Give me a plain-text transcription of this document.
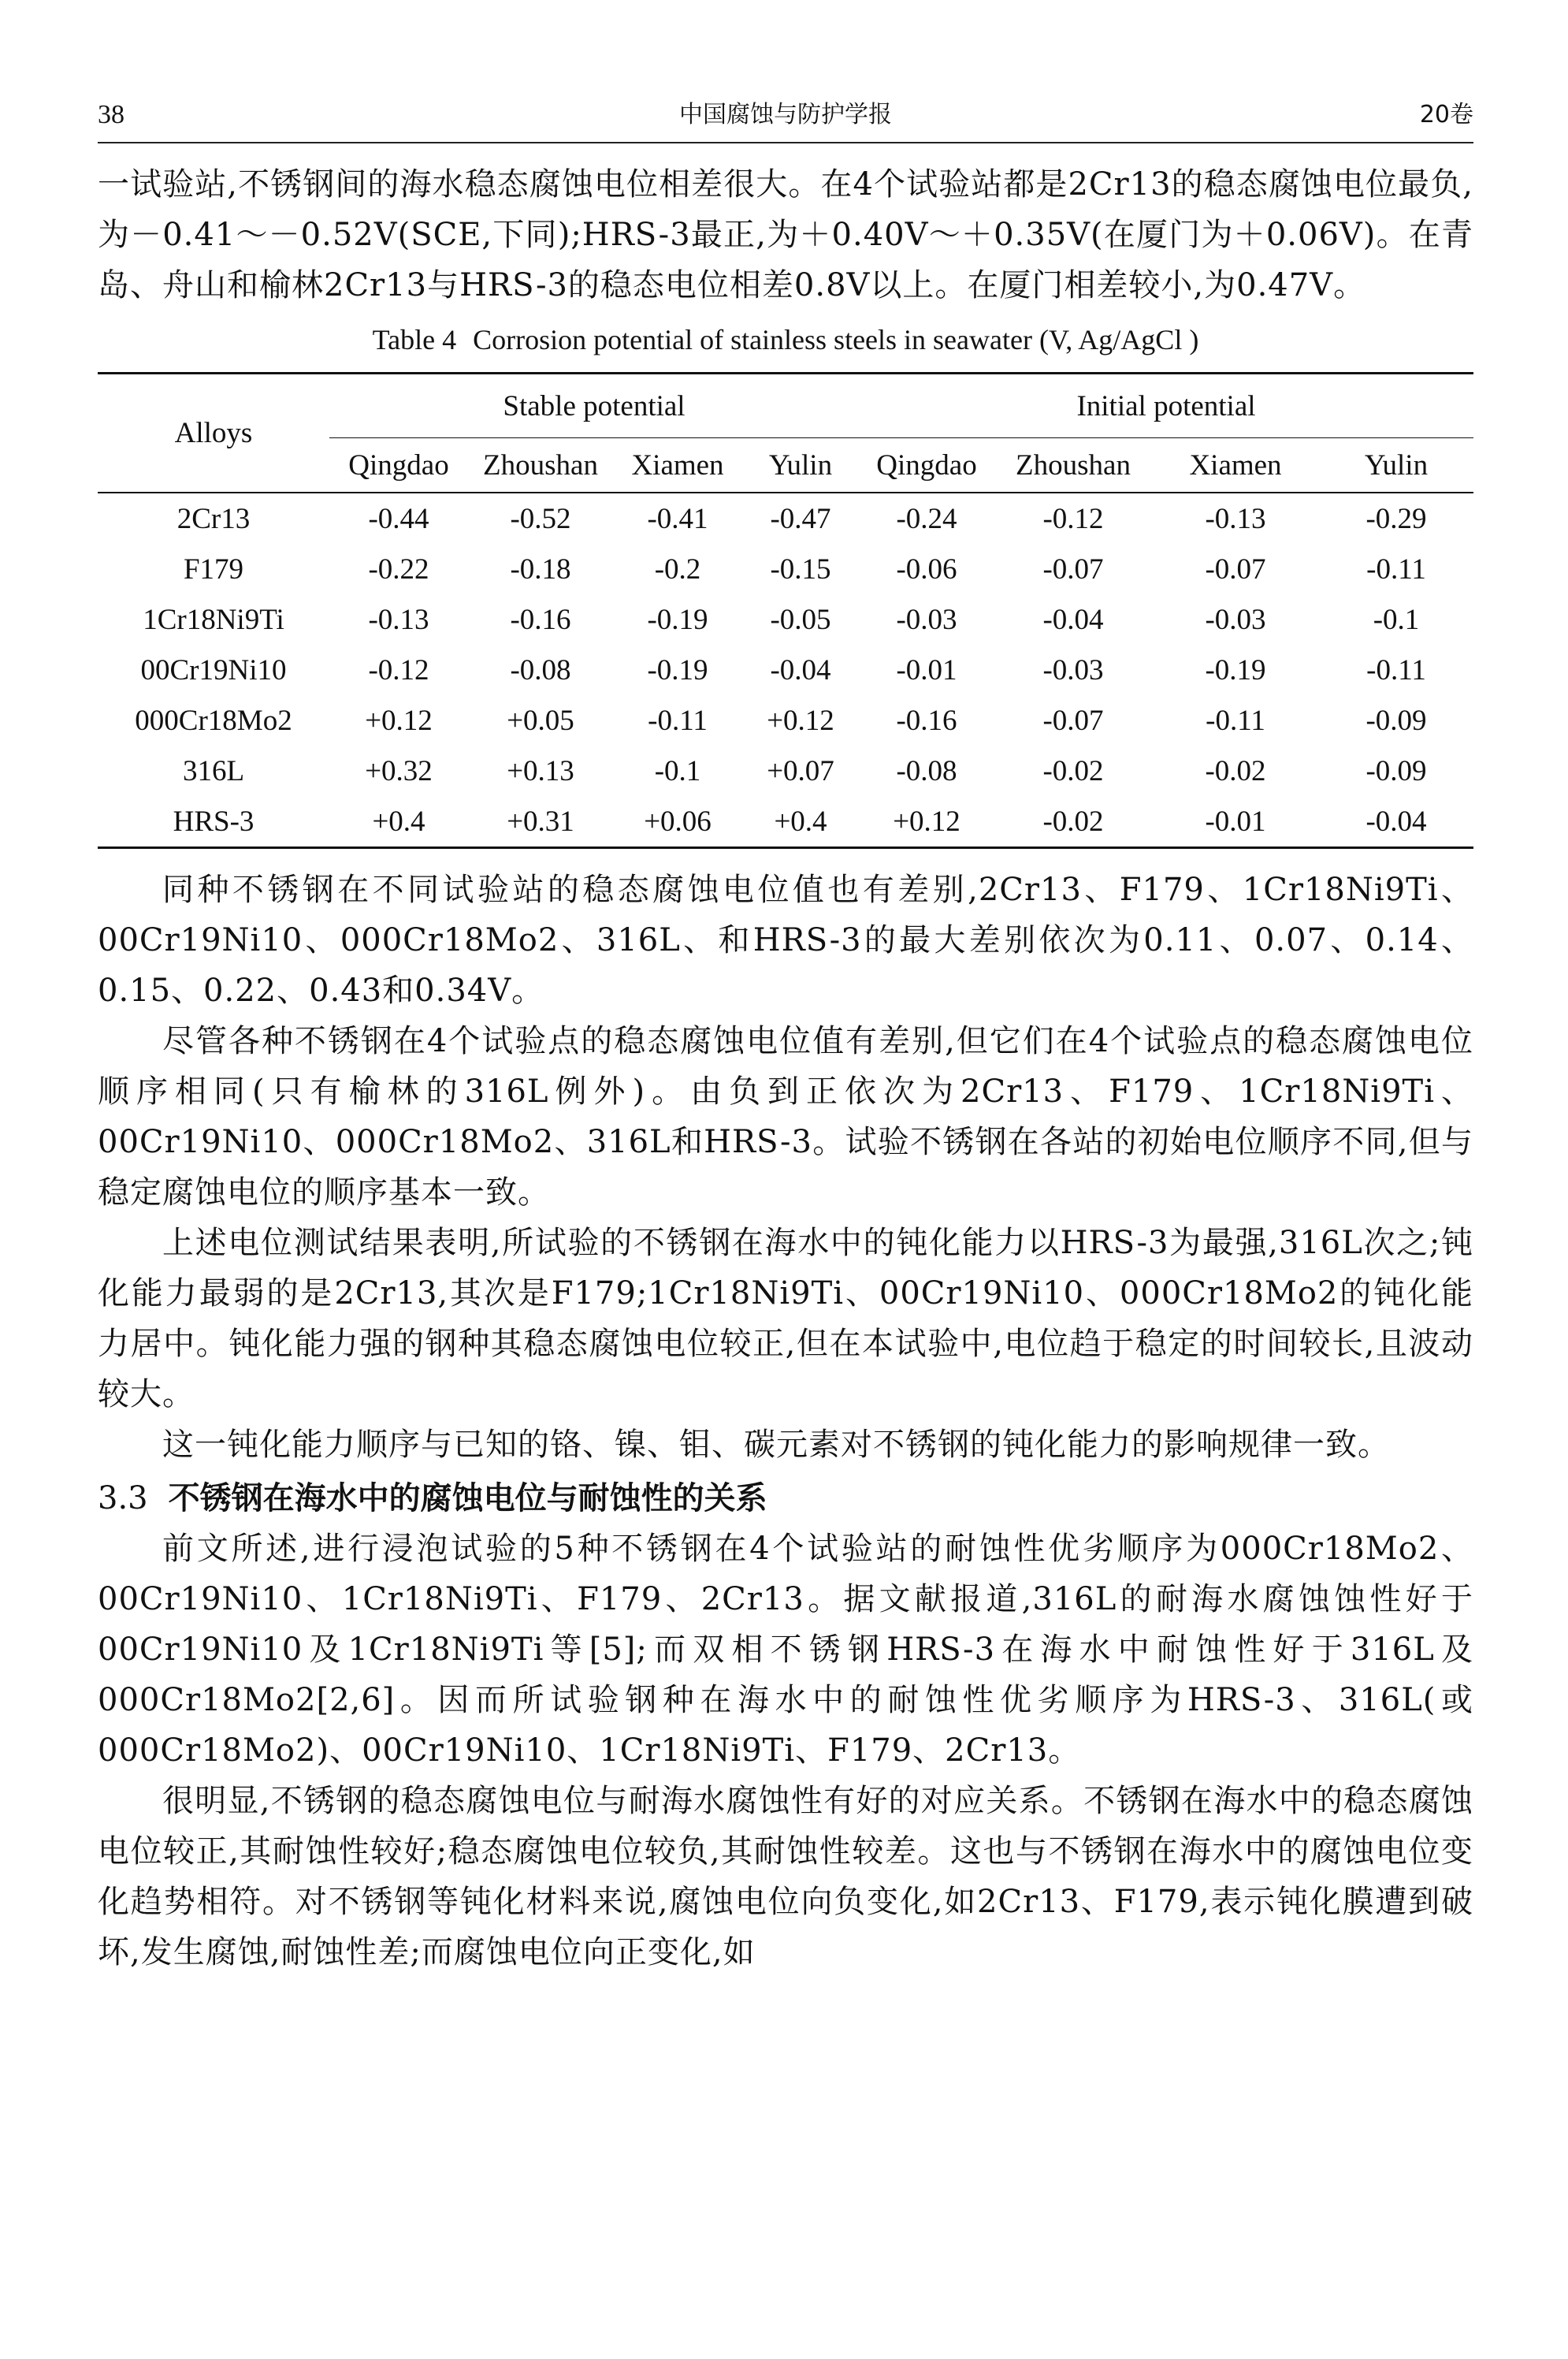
38	中国腐蚀与防护学报	20卷

一试验站,不锈钢间的海水稳态腐蚀电位相差很大。在4个试验站都是2Cr13的稳态腐蚀电位最负,为－0.41～－0.52V(SCE,下同);HRS-3最正,为＋0.40V～＋0.35V(在厦门为＋0.06V)。在青岛、舟山和榆林2Cr13与HRS-3的稳态电位相差0.8V以上。在厦门相差较小,为0.47V。

Table 4 Corrosion potential of stainless steels in seawater (V, Ag/AgCl )
Alloys	Stable potential				Initial potential			
	Qingdao	Zhoushan	Xiamen	Yulin	Qingdao	Zhoushan	Xiamen	Yulin
2Cr13	-0.44	-0.52	-0.41	-0.47	-0.24	-0.12	-0.13	-0.29
F179	-0.22	-0.18	-0.2	-0.15	-0.06	-0.07	-0.07	-0.11
1Cr18Ni9Ti	-0.13	-0.16	-0.19	-0.05	-0.03	-0.04	-0.03	-0.1
00Cr19Ni10	-0.12	-0.08	-0.19	-0.04	-0.01	-0.03	-0.19	-0.11
000Cr18Mo2	+0.12	+0.05	-0.11	+0.12	-0.16	-0.07	-0.11	-0.09
316L	+0.32	+0.13	-0.1	+0.07	-0.08	-0.02	-0.02	-0.09
HRS-3	+0.4	+0.31	+0.06	+0.4	+0.12	-0.02	-0.01	-0.04

同种不锈钢在不同试验站的稳态腐蚀电位值也有差别,2Cr13、F179、1Cr18Ni9Ti、00Cr19Ni10、000Cr18Mo2、316L、和HRS-3的最大差别依次为0.11、0.07、0.14、0.15、0.22、0.43和0.34V。

尽管各种不锈钢在4个试验点的稳态腐蚀电位值有差别,但它们在4个试验点的稳态腐蚀电位顺序相同(只有榆林的316L例外)。由负到正依次为2Cr13、F179、1Cr18Ni9Ti、00Cr19Ni10、000Cr18Mo2、316L和HRS-3。试验不锈钢在各站的初始电位顺序不同,但与稳定腐蚀电位的顺序基本一致。

上述电位测试结果表明,所试验的不锈钢在海水中的钝化能力以HRS-3为最强,316L次之;钝化能力最弱的是2Cr13,其次是F179;1Cr18Ni9Ti、00Cr19Ni10、000Cr18Mo2的钝化能力居中。钝化能力强的钢种其稳态腐蚀电位较正,但在本试验中,电位趋于稳定的时间较长,且波动较大。

这一钝化能力顺序与已知的铬、镍、钼、碳元素对不锈钢的钝化能力的影响规律一致。

3.3 不锈钢在海水中的腐蚀电位与耐蚀性的关系

前文所述,进行浸泡试验的5种不锈钢在4个试验站的耐蚀性优劣顺序为000Cr18Mo2、00Cr19Ni10、1Cr18Ni9Ti、F179、2Cr13。据文献报道,316L的耐海水腐蚀蚀性好于00Cr19Ni10及1Cr18Ni9Ti等[5];而双相不锈钢HRS-3在海水中耐蚀性好于316L及000Cr18Mo2[2,6]。因而所试验钢种在海水中的耐蚀性优劣顺序为HRS-3、316L(或000Cr18Mo2)、00Cr19Ni10、1Cr18Ni9Ti、F179、2Cr13。

很明显,不锈钢的稳态腐蚀电位与耐海水腐蚀性有好的对应关系。不锈钢在海水中的稳态腐蚀电位较正,其耐蚀性较好;稳态腐蚀电位较负,其耐蚀性较差。这也与不锈钢在海水中的腐蚀电位变化趋势相符。对不锈钢等钝化材料来说,腐蚀电位向负变化,如2Cr13、F179,表示钝化膜遭到破坏,发生腐蚀,耐蚀性差;而腐蚀电位向正变化,如
